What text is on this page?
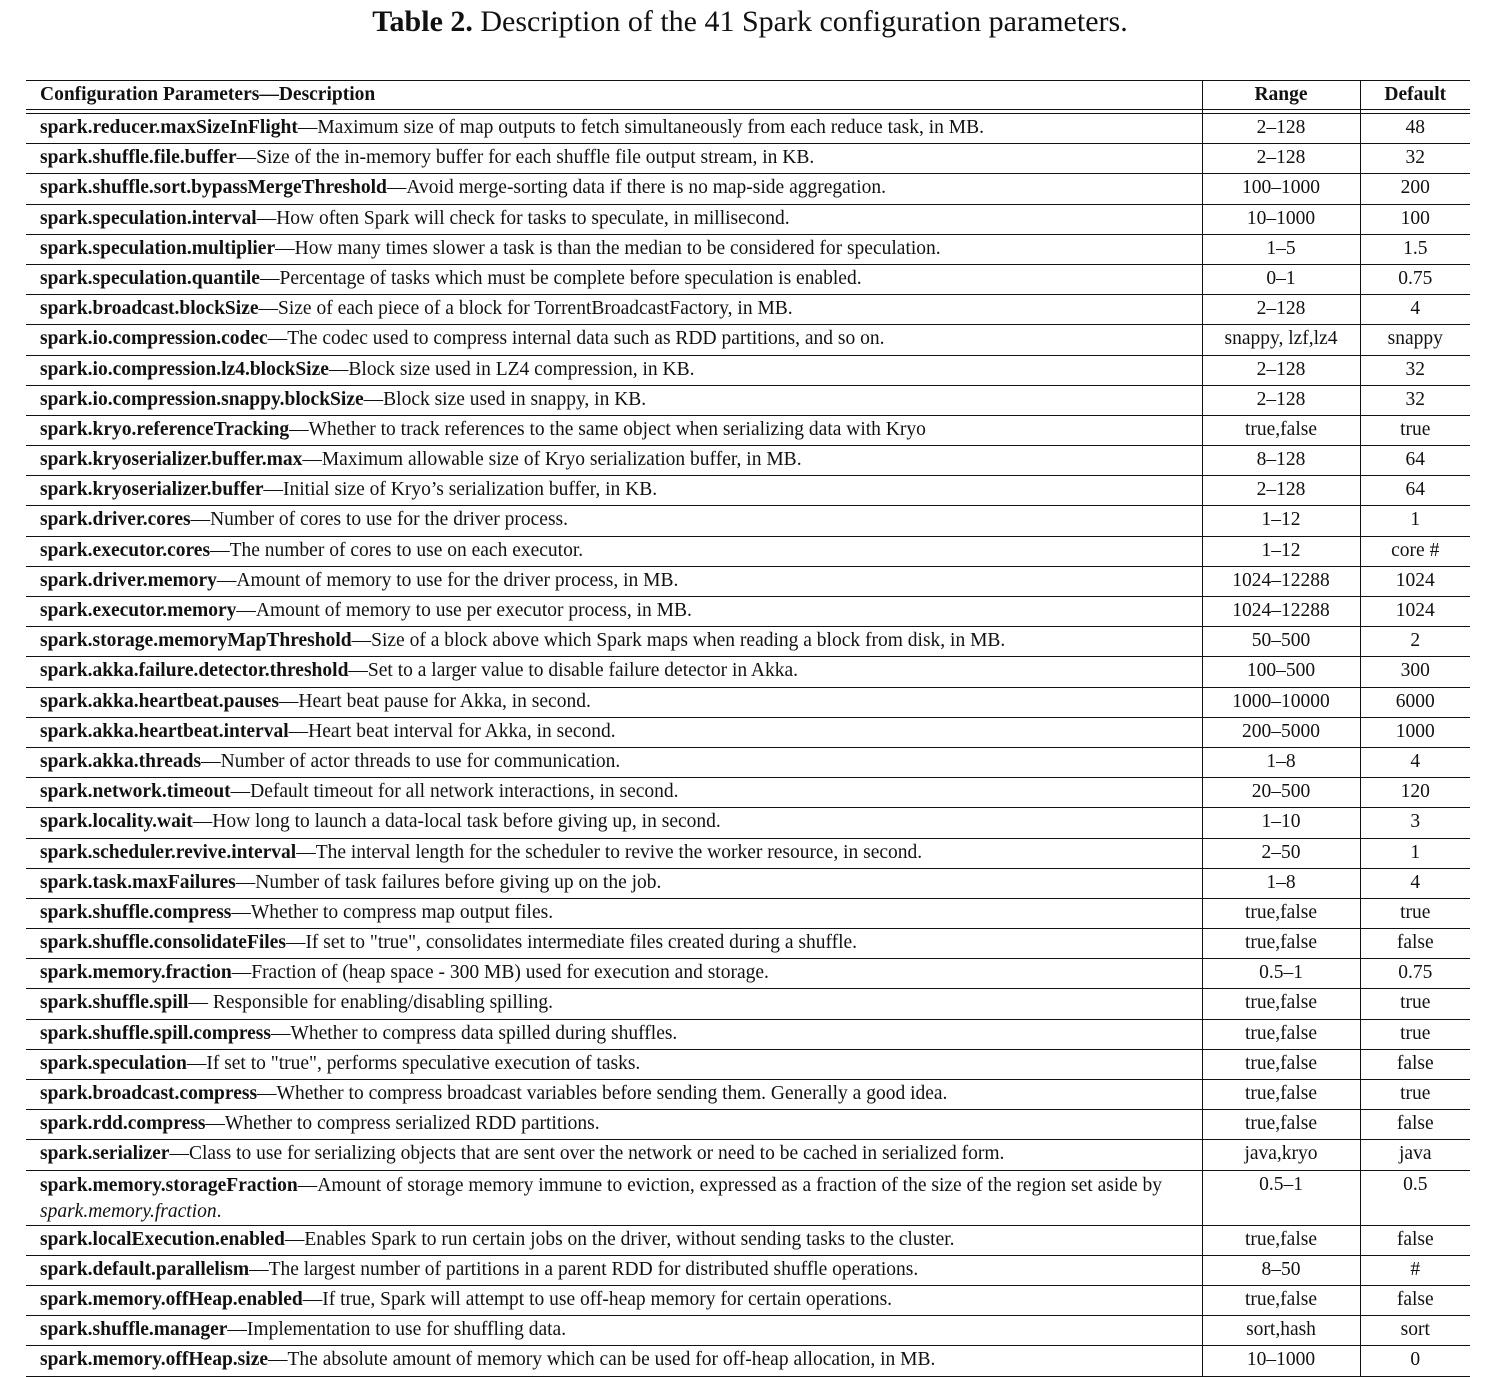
Table 2. Description of the 41 Spark configuration parameters.
Configuration Parameters—Description	Range	Default

spark.reducer.maxSizeInFlight—Maximum size of map outputs to fetch simultaneously from each reduce task, in MB.	2–128	48
spark.shuffle.file.buffer—Size of the in-memory buffer for each shuffle file output stream, in KB.	2–128	32
spark.shuffle.sort.bypassMergeThreshold—Avoid merge-sorting data if there is no map-side aggregation.	100–1000	200
spark.speculation.interval—How often Spark will check for tasks to speculate, in millisecond.	10–1000	100
spark.speculation.multiplier—How many times slower a task is than the median to be considered for speculation.	1–5	1.5
spark.speculation.quantile—Percentage of tasks which must be complete before speculation is enabled.	0–1	0.75
spark.broadcast.blockSize—Size of each piece of a block for TorrentBroadcastFactory, in MB.	2–128	4
spark.io.compression.codec—The codec used to compress internal data such as RDD partitions, and so on.	snappy, lzf,lz4	snappy
spark.io.compression.lz4.blockSize—Block size used in LZ4 compression, in KB.	2–128	32
spark.io.compression.snappy.blockSize—Block size used in snappy, in KB.	2–128	32
spark.kryo.referenceTracking—Whether to track references to the same object when serializing data with Kryo	true,false	true
spark.kryoserializer.buffer.max—Maximum allowable size of Kryo serialization buffer, in MB.	8–128	64
spark.kryoserializer.buffer—Initial size of Kryo’s serialization buffer, in KB.	2–128	64
spark.driver.cores—Number of cores to use for the driver process.	1–12	1
spark.executor.cores—The number of cores to use on each executor.	1–12	core #
spark.driver.memory—Amount of memory to use for the driver process, in MB.	1024–12288	1024
spark.executor.memory—Amount of memory to use per executor process, in MB.	1024–12288	1024
spark.storage.memoryMapThreshold—Size of a block above which Spark maps when reading a block from disk, in MB.	50–500	2
spark.akka.failure.detector.threshold—Set to a larger value to disable failure detector in Akka.	100–500	300
spark.akka.heartbeat.pauses—Heart beat pause for Akka, in second.	1000–10000	6000
spark.akka.heartbeat.interval—Heart beat interval for Akka, in second.	200–5000	1000
spark.akka.threads—Number of actor threads to use for communication.	1–8	4
spark.network.timeout—Default timeout for all network interactions, in second.	20–500	120
spark.locality.wait—How long to launch a data-local task before giving up, in second.	1–10	3
spark.scheduler.revive.interval—The interval length for the scheduler to revive the worker resource, in second.	2–50	1
spark.task.maxFailures—Number of task failures before giving up on the job.	1–8	4
spark.shuffle.compress—Whether to compress map output files.	true,false	true
spark.shuffle.consolidateFiles—If set to "true", consolidates intermediate files created during a shuffle.	true,false	false
spark.memory.fraction—Fraction of (heap space - 300 MB) used for execution and storage.	0.5–1	0.75
spark.shuffle.spill— Responsible for enabling/disabling spilling.	true,false	true
spark.shuffle.spill.compress—Whether to compress data spilled during shuffles.	true,false	true
spark.speculation—If set to "true", performs speculative execution of tasks.	true,false	false
spark.broadcast.compress—Whether to compress broadcast variables before sending them. Generally a good idea.	true,false	true
spark.rdd.compress—Whether to compress serialized RDD partitions.	true,false	false
spark.serializer—Class to use for serializing objects that are sent over the network or need to be cached in serialized form.	java,kryo	java
spark.memory.storageFraction—Amount of storage memory immune to eviction, expressed as a fraction of the size of the region set aside by spark.memory.fraction.	0.5–1	0.5
spark.localExecution.enabled—Enables Spark to run certain jobs on the driver, without sending tasks to the cluster.	true,false	false
spark.default.parallelism—The largest number of partitions in a parent RDD for distributed shuffle operations.	8–50	#
spark.memory.offHeap.enabled—If true, Spark will attempt to use off-heap memory for certain operations.	true,false	false
spark.shuffle.manager—Implementation to use for shuffling data.	sort,hash	sort
spark.memory.offHeap.size—The absolute amount of memory which can be used for off-heap allocation, in MB.	10–1000	0
